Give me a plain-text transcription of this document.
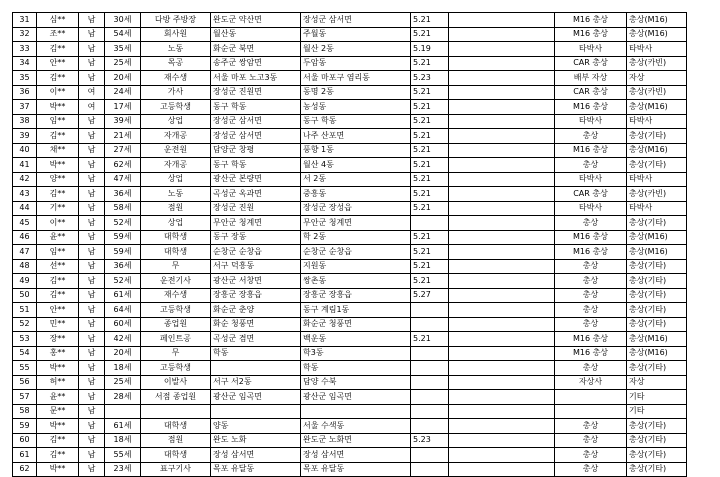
31	심**	남	30세	다방 주방장	완도군 약산면	장성군 삼서면	5.21		M16 총상	총상(M16)
32	조**	남	54세	회사원	월산동	주월동	5.21		M16 총상	총상(M16)
33	김**	남	35세	노동	화순군 북면	월산 2동	5.19		타박사	타박사
34	안**	남	25세	목공	송주군 쌍암면	두암동	5.21		CAR 총상	총상(카빈)
35	김**	남	20세	재수생	서울 마포 노고3동	서울 마포구 염리동	5.23		배부 자상	자상
36	이**	여	24세	가사	장성군 진원면	동명 2동	5.21		CAR 총상	총상(카빈)
37	박**	여	17세	고등학생	동구 학동	농성동	5.21		M16 총상	총상(M16)
38	임**	남	39세	상업	장성군 삼서면	동구 학동	5.21		타박사	타박사
39	김**	남	21세	자개공	장성군 삼서면	나주 산포면	5.21		총상	총상(기타)
40	채**	남	27세	운전원	담양군 창평	풍향 1동	5.21		M16 총상	총상(M16)
41	박**	남	62세	자개공	동구 학동	월산 4동	5.21		총상	총상(기타)
42	양**	남	47세	상업	광산군 본량면	서 2동	5.21		타박사	타박사
43	김**	남	36세	노동	곡성군 옥과면	중흥동	5.21		CAR 총상	총상(카빈)
44	기**	남	58세	점원	장성군 진원	장성군 장성읍	5.21		타박사	타박사
45	이**	남	52세	상업	무안군 청계면	무안군 청계면			총상	총상(기타)
46	윤**	남	59세	대학생	동구 장동	학 2동	5.21		M16 총상	총상(M16)
47	임**	남	59세	대학생	순창군 순창읍	순창군 순창읍	5.21		M16 총상	총상(M16)
48	선**	남	36세	무	서구 덕흥동	지원동	5.21		총상	총상(기타)
49	김**	남	52세	운전기사	광산군 서창면	쌍촌동	5.21		총상	총상(기타)
50	김**	남	61세	재수생	장흥군 장흥읍	장흥군 장흥읍	5.27		총상	총상(기타)
51	안**	남	64세	고등학생	화순군 춘양	동구 계림1동			총상	총상(기타)
52	민**	남	60세	종업원	화순 청풍면	화순군 청풍면			총상	총상(기타)
53	장**	남	42세	페인트공	곡성군 겸면	백운동	5.21		M16 총상	총상(M16)
54	홍**	남	20세	무	학동	학3동			M16 총상	총상(M16)
55	박**	남	18세	고등학생		학동			총상	총상(기타)
56	허**	남	25세	이발사	서구 서2동	담양 수북			자상사	자상
57	윤**	남	28세	서점 종업원	광산군 임곡면	광산군 임곡면				기타
58	문**	남								기타
59	박**	남	61세	대학생	양동	서울 수색동			총상	총상(기타)
60	김**	남	18세	점원	완도 노화	완도군 노화면	5.23		총상	총상(기타)
61	김**	남	55세	대학생	장성 삼서면	장성 삼서면			총상	총상(기타)
62	박**	남	23세	표구기사	목포 유달동	목포 유달동			총상	총상(기타)
